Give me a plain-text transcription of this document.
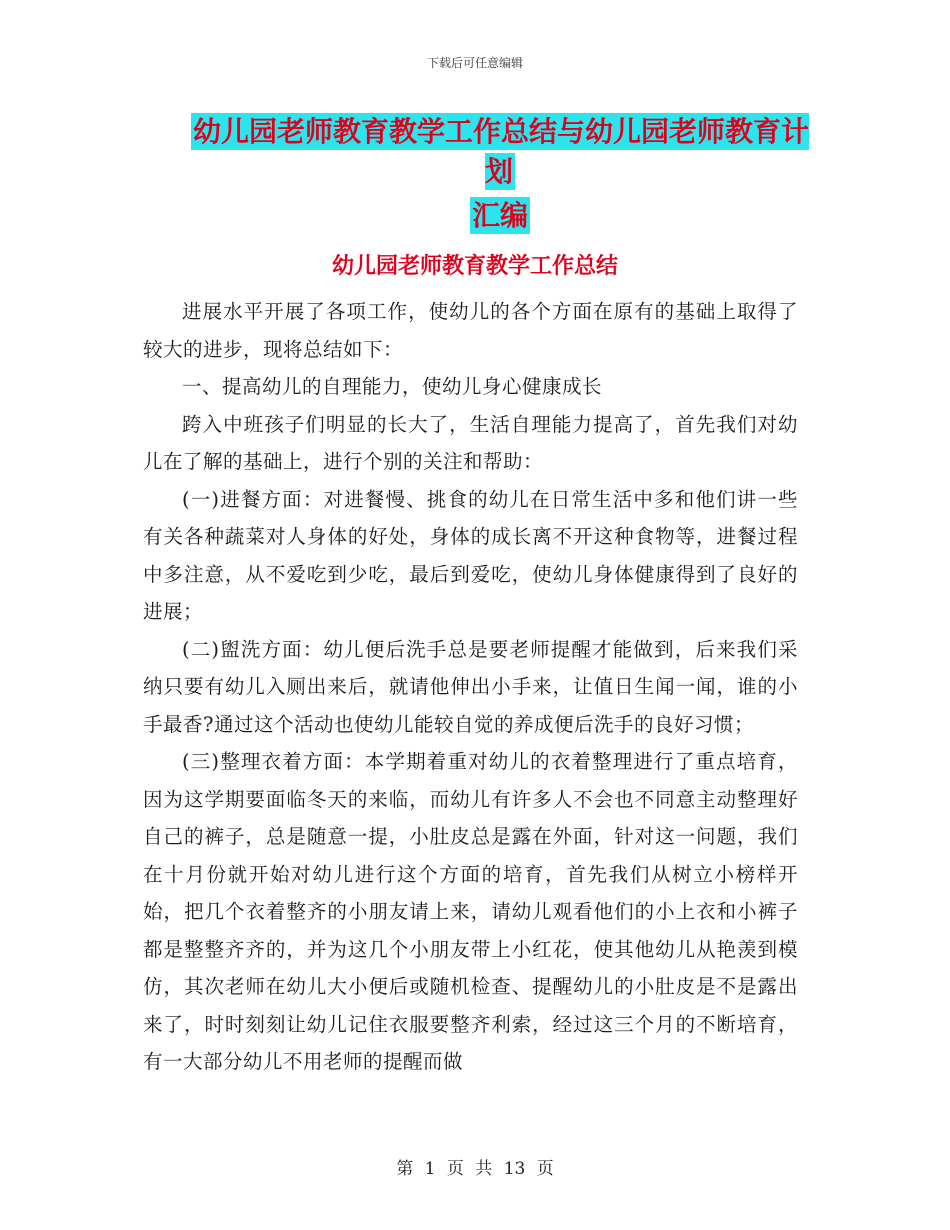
下载后可任意编辑
幼儿园老师教育教学工作总结与幼儿园老师教育计划
汇编
幼儿园老师教育教学工作总结

进展水平开展了各项工作，使幼儿的各个方面在原有的基础上取得了较大的进步，现将总结如下：

一、提高幼儿的自理能力，使幼儿身心健康成长

跨入中班孩子们明显的长大了，生活自理能力提高了，首先我们对幼儿在了解的基础上，进行个别的关注和帮助：

(一)进餐方面：对进餐慢、挑食的幼儿在日常生活中多和他们讲一些有关各种蔬菜对人身体的好处，身体的成长离不开这种食物等，进餐过程中多注意，从不爱吃到少吃，最后到爱吃，使幼儿身体健康得到了良好的进展；

(二)盥洗方面：幼儿便后洗手总是要老师提醒才能做到，后来我们采纳只要有幼儿入厕出来后，就请他伸出小手来，让值日生闻一闻，谁的小手最香?通过这个活动也使幼儿能较自觉的养成便后洗手的良好习惯；

(三)整理衣着方面：本学期着重对幼儿的衣着整理进行了重点培育，因为这学期要面临冬天的来临，而幼儿有许多人不会也不同意主动整理好自己的裤子，总是随意一提，小肚皮总是露在外面，针对这一问题，我们在十月份就开始对幼儿进行这个方面的培育，首先我们从树立小榜样开始，把几个衣着整齐的小朋友请上来，请幼儿观看他们的小上衣和小裤子都是整整齐齐的，并为这几个小朋友带上小红花，使其他幼儿从艳羡到模仿，其次老师在幼儿大小便后或随机检查、提醒幼儿的小肚皮是不是露出来了，时时刻刻让幼儿记住衣服要整齐利索，经过这三个月的不断培育，有一大部分幼儿不用老师的提醒而做

第 1 页 共 13 页
